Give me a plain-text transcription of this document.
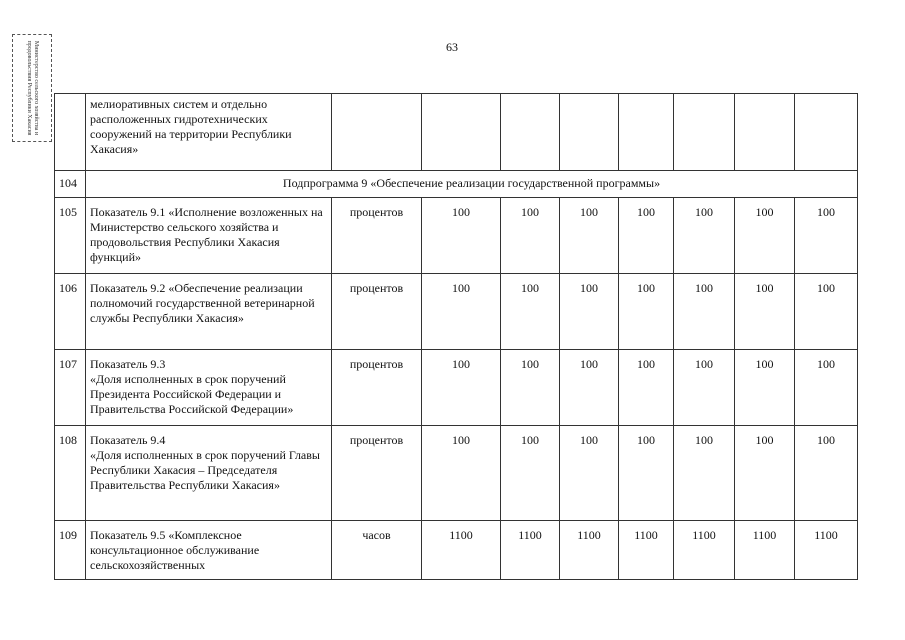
63
Министерство сельского хозяйства и продовольствия Республики Хакасия
		мелиоративных систем и отдельно расположенных гидротехнических сооружений на территории Республики Хакасия»								
104	Подпрограмма 9 «Обеспечение реализации государственной программы»								
105	Показатель 9.1 «Исполнение возложенных на Министерство сельского хозяйства и продовольствия Республики Хакасия функций»	процентов	100	100	100	100	100	100	100
106	Показатель 9.2 «Обеспечение реализации полномочий государственной ветеринарной службы Республики Хакасия»	процентов	100	100	100	100	100	100	100
107	Показатель 9.3
«Доля исполненных в срок поручений Президента Российской Федерации и Правительства Российской Федерации»	процентов	100	100	100	100	100	100	100
108	Показатель 9.4
«Доля исполненных в срок поручений Главы Республики Хакасия – Председателя Правительства Республики Хакасия»	процентов	100	100	100	100	100	100	100
109	Показатель 9.5 «Комплексное консультационное обслуживание сельскохозяйственных	часов	1100	1100	1100	1100	1100	1100	1100
